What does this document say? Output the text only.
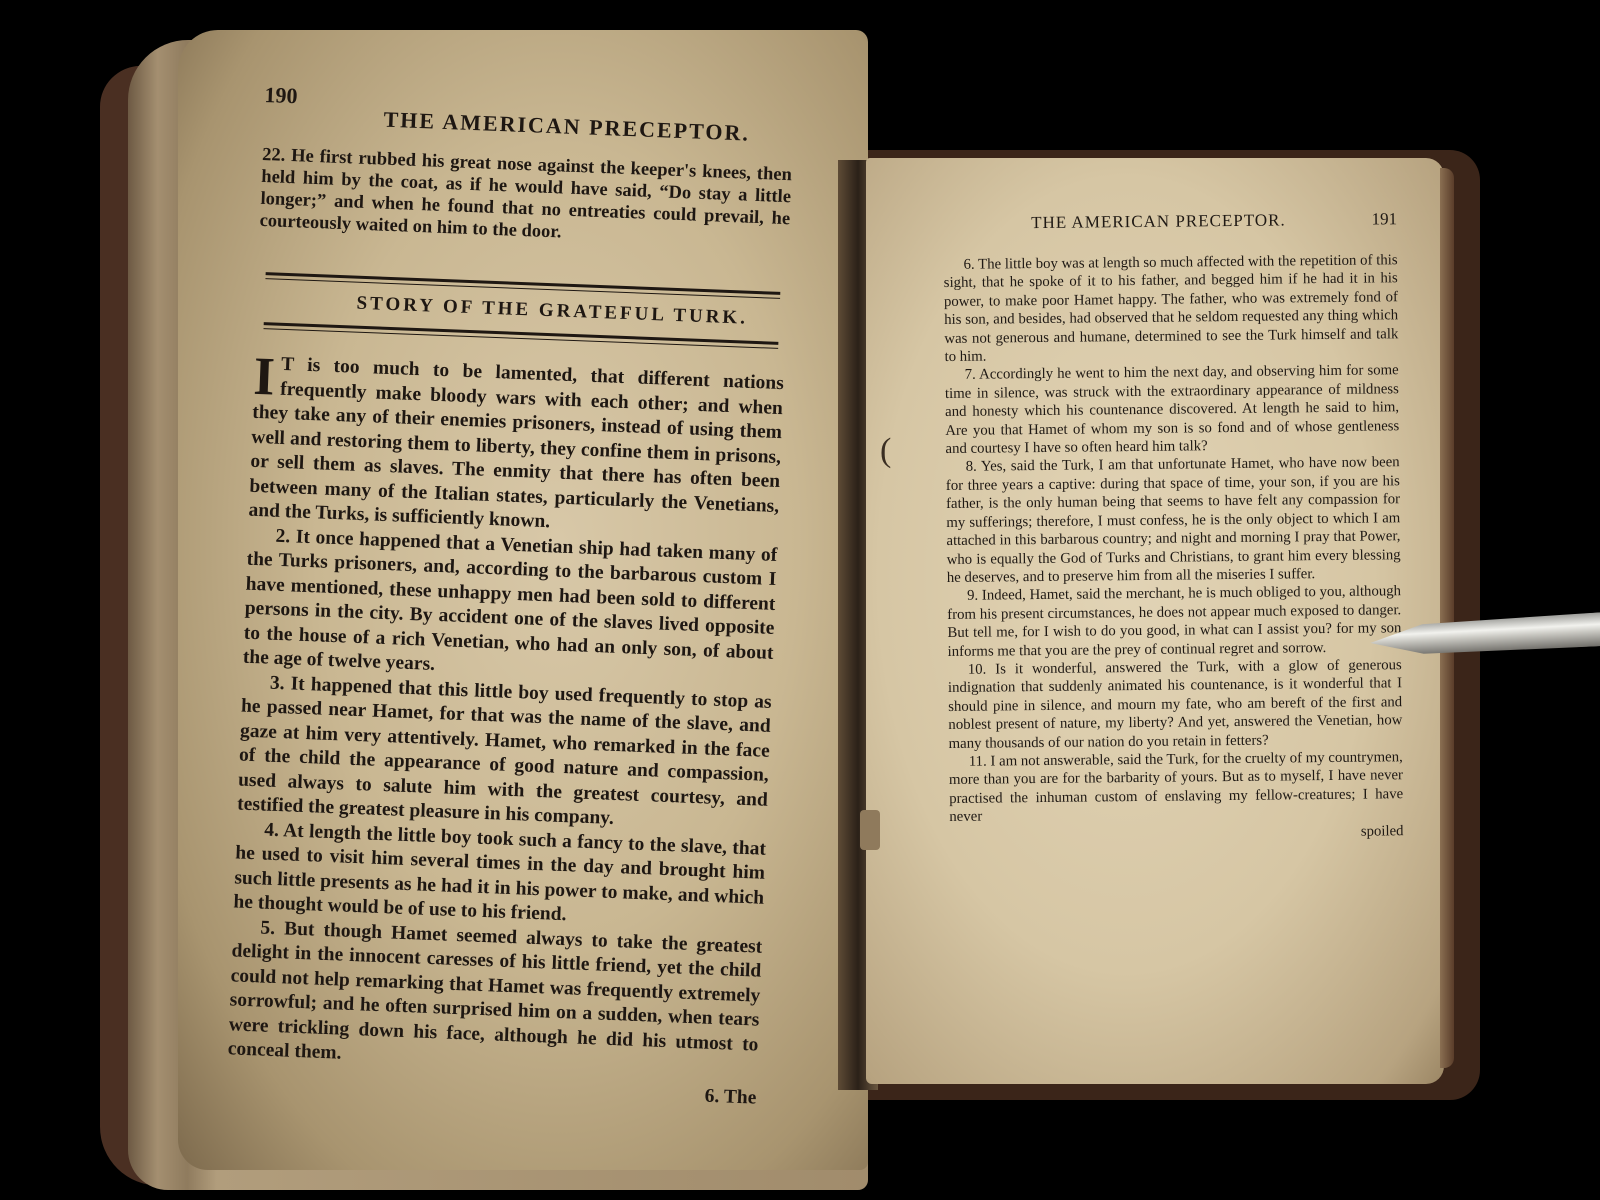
190
THE AMERICAN PRECEPTOR.
22. He first rubbed his great nose against the keeper's knees, then held him by the coat, as if he would have said, “Do stay a little longer;” and when he found that no entreaties could prevail, he courteously waited on him to the door.
STORY OF THE GRATEFUL TURK.
I T is too much to be lamented, that different nations frequently make bloody wars with each other; and when they take any of their enemies prisoners, instead of using them well and restoring them to liberty, they confine them in prisons, or sell them as slaves. The enmity that there has often been between many of the Italian states, particularly the Venetians, and the Turks, is sufficiently known.
2. It once happened that a Venetian ship had taken many of the Turks prisoners, and, according to the barbarous custom I have mentioned, these unhappy men had been sold to different persons in the city. By accident one of the slaves lived opposite to the house of a rich Venetian, who had an only son, of about the age of twelve years.
3. It happened that this little boy used frequently to stop as he passed near Hamet, for that was the name of the slave, and gaze at him very attentively. Hamet, who remarked in the face of the child the appearance of good nature and compassion, used always to salute him with the greatest courtesy, and testified the greatest pleasure in his company.
4. At length the little boy took such a fancy to the slave, that he used to visit him several times in the day and brought him such little presents as he had it in his power to make, and which he thought would be of use to his friend.
5. But though Hamet seemed always to take the greatest delight in the innocent caresses of his little friend, yet the child could not help remarking that Hamet was frequently extremely sorrowful; and he often surprised him on a sudden, when tears were trickling down his face, although he did his utmost to conceal them.
6. The
(
THE AMERICAN PRECEPTOR.	191
6. The little boy was at length so much affected with the repetition of this sight, that he spoke of it to his father, and begged him if he had it in his power, to make poor Hamet happy. The father, who was extremely fond of his son, and besides, had observed that he seldom requested any thing which was not generous and humane, determined to see the Turk himself and talk to him.
7. Accordingly he went to him the next day, and observing him for some time in silence, was struck with the extraordinary appearance of mildness and honesty which his countenance discovered. At length he said to him, Are you that Hamet of whom my son is so fond and of whose gentleness and courtesy I have so often heard him talk?
8. Yes, said the Turk, I am that unfortunate Hamet, who have now been for three years a captive: during that space of time, your son, if you are his father, is the only human being that seems to have felt any compassion for my sufferings; therefore, I must confess, he is the only object to which I am attached in this barbarous country; and night and morning I pray that Power, who is equally the God of Turks and Christians, to grant him every blessing he deserves, and to preserve him from all the miseries I suffer.
9. Indeed, Hamet, said the merchant, he is much obliged to you, although from his present circumstances, he does not appear much exposed to danger. But tell me, for I wish to do you good, in what can I assist you? for my son informs me that you are the prey of continual regret and sorrow.
10. Is it wonderful, answered the Turk, with a glow of generous indignation that suddenly animated his countenance, is it wonderful that I should pine in silence, and mourn my fate, who am bereft of the first and noblest present of nature, my liberty? And yet, answered the Venetian, how many thousands of our nation do you retain in fetters?
11. I am not answerable, said the Turk, for the cruelty of my countrymen, more than you are for the barbarity of yours. But as to myself, I have never practised the inhuman custom of enslaving my fellow-creatures; I have never
spoiled
